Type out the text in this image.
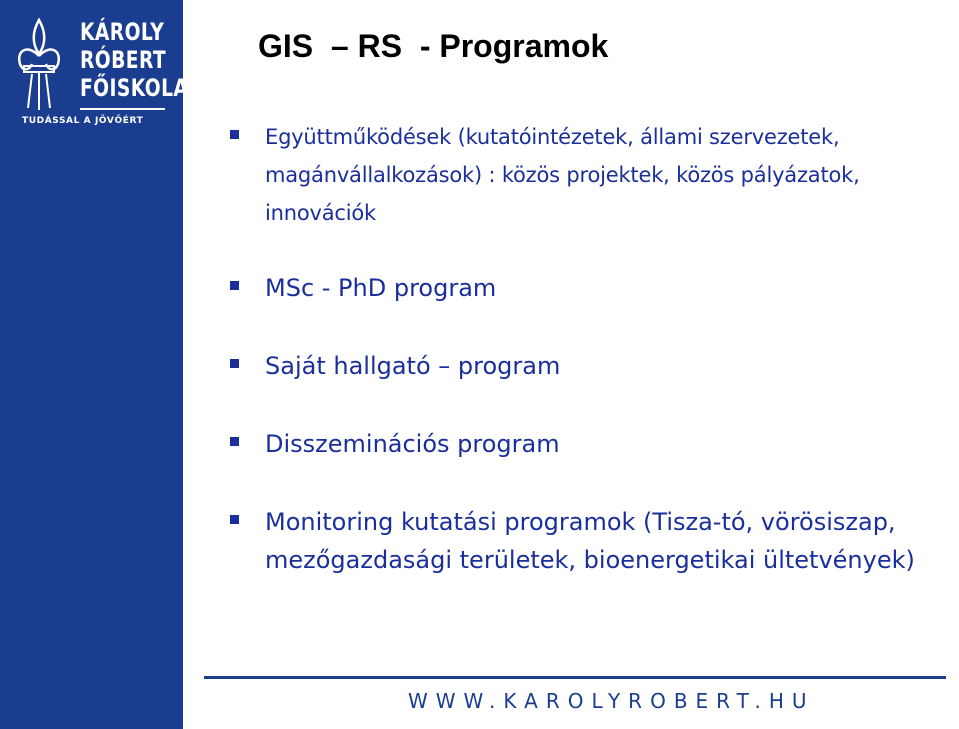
KÁROLY
RÓBERT
FŐISKOLA
TUDÁSSAL A JÖVŐÉRT
GIS  – RS  - Programok
Együttműködések (kutatóintézetek, állami szervezetek, magánvállalkozások) : közös projektek, közös pályázatok, innovációk
MSc - PhD program
Saját hallgató – program
Disszeminációs program
Monitoring kutatási programok (Tisza-tó, vörösiszap, mezőgazdasági területek, bioenergetikai ültetvények)
WWW.KAROLYROBERT.HU
